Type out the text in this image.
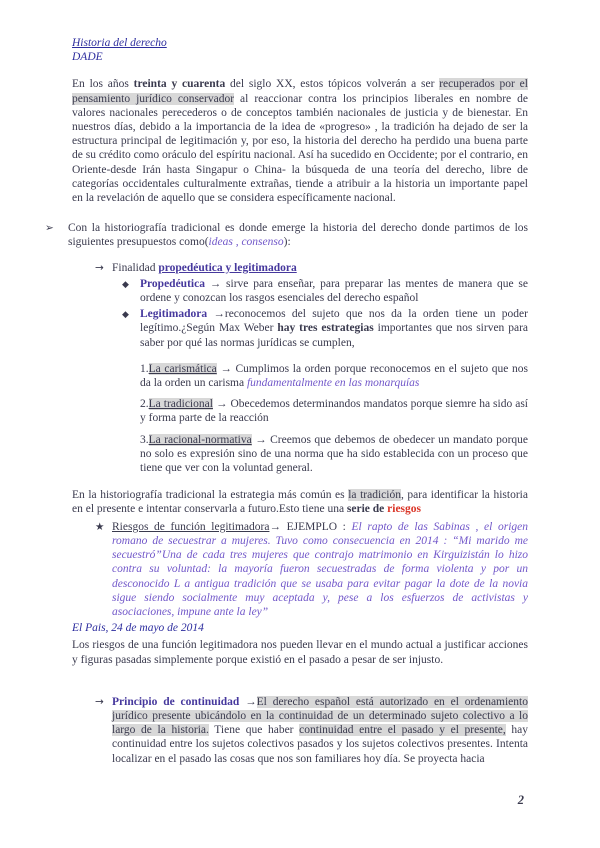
Historia del derecho
DADE
En los años treinta y cuarenta del siglo XX, estos tópicos volverán a ser recuperados por el pensamiento jurídico conservador al reaccionar contra los principios liberales en nombre de valores nacionales perecederos o de conceptos también nacionales de justicia y de bienestar. En nuestros días, debido a la importancia de la idea de «progreso» , la tradición ha dejado de ser la estructura principal de legitimación y, por eso, la historia del derecho ha perdido una buena parte de su crédito como oráculo del espíritu nacional. Así ha sucedido en Occidente; por el contrario, en Oriente-desde Irán hasta Singapur o China- la búsqueda de una teoría del derecho, libre de categorías occidentales culturalmente extrañas, tiende a atribuir a la historia un importante papel en la revelación de aquello que se considera específicamente nacional.
➢	Con la historiografía tradicional es donde emerge la historia del derecho donde partimos de los siguientes presupuestos como(ideas , consenso):
→ Finalidad propedéutica y legitimadora
◆ Propedéutica → sirve para enseñar, para preparar las mentes de manera que se ordene y conozcan los rasgos esenciales del derecho español
◆ Legitimadora →reconocemos del sujeto que nos da la orden tiene un poder legítimo.¿Según Max Weber hay tres estrategias importantes que nos sirven para saber por qué las normas jurídicas se cumplen,
1.La carismática → Cumplimos la orden porque reconocemos en el sujeto que nos da la orden un carisma fundamentalmente en las monarquías
2.La tradicional → Obecedemos determinandos mandatos porque siemre ha sido así y forma parte de la reacción
3.La racional-normativa → Creemos que debemos de obedecer un mandato porque no solo es expresión sino de una norma que ha sido establecida con un proceso que tiene que ver con la voluntad general.
En la historiografía tradicional la estrategia más común es la tradición, para identificar la historia en el presente e intentar conservarla a futuro.Esto tiene una serie de riesgos
★ Riesgos de función legitimadora→ EJEMPLO : El rapto de las Sabinas , el origen romano de secuestrar a mujeres. Tuvo como consecuencia en 2014 : “Mi marido me secuestró”Una de cada tres mujeres que contrajo matrimonio en Kirguizistán lo hizo contra su voluntad: la mayoría fueron secuestradas de forma violenta y por un desconocido L a antigua tradición que se usaba para evitar pagar la dote de la novia sigue siendo socialmente muy aceptada y, pese a los esfuerzos de activistas y asociaciones, impune ante la ley”
El Pais, 24 de mayo de 2014
Los riesgos de una función legitimadora nos pueden llevar en el mundo actual a justificar acciones y figuras pasadas simplemente porque existió en el pasado a pesar de ser injusto.
→ Principio de continuidad →El derecho español está autorizado en el ordenamiento jurídico presente ubicándolo en la continuidad de un determinado sujeto colectivo a lo largo de la historia. Tiene que haber continuidad entre el pasado y el presente, hay continuidad entre los sujetos colectivos pasados y los sujetos colectivos presentes. Intenta localizar en el pasado las cosas que nos son familiares hoy día. Se proyecta hacia
2
